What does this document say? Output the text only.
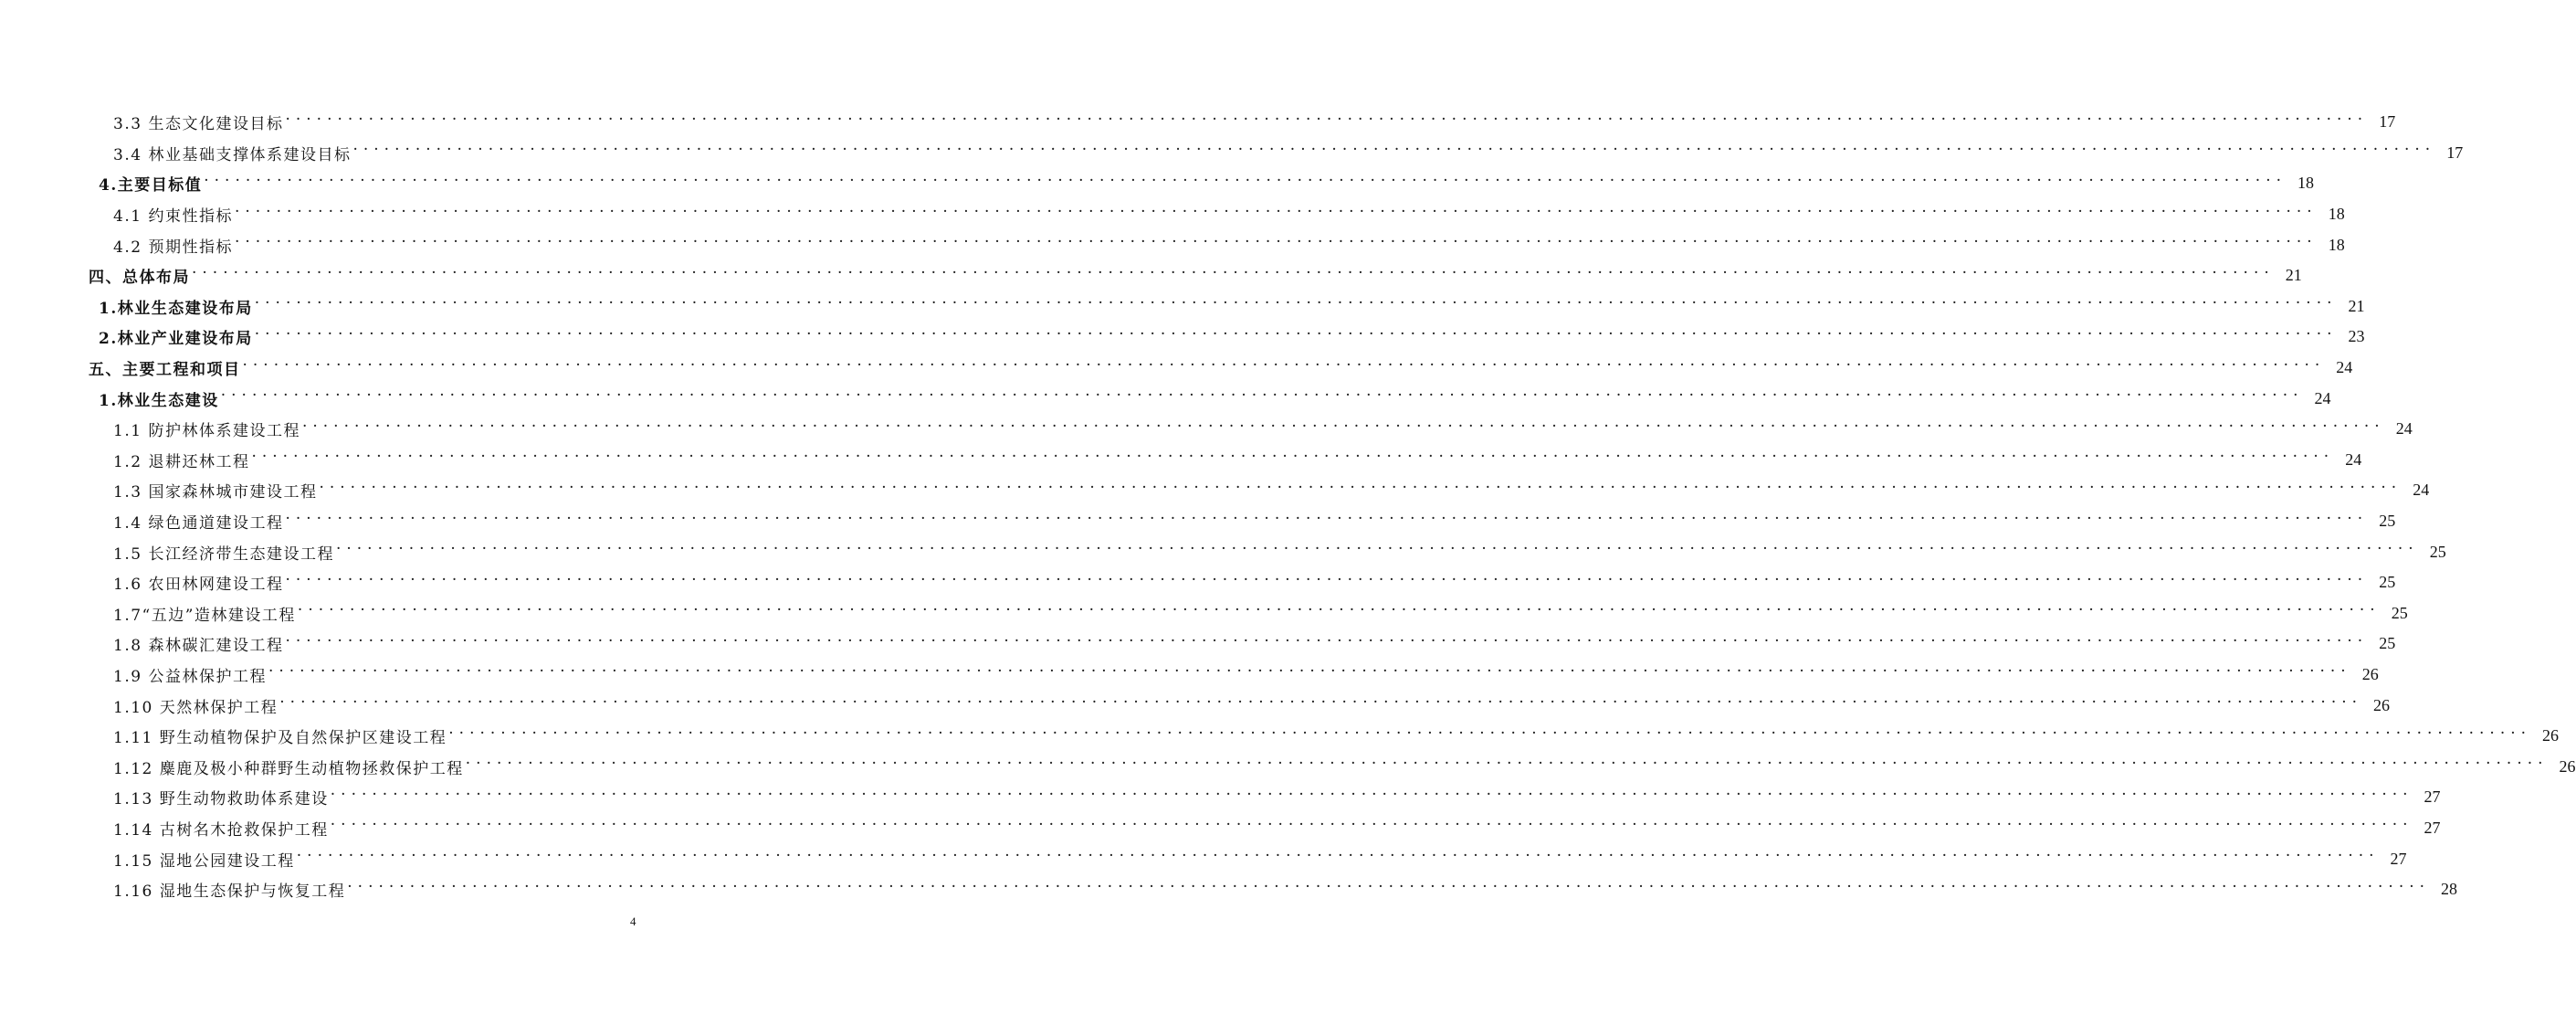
3.3 生态文化建设目标 ········································································································································································································ 17
3.4 林业基础支撑体系建设目标 ········································································································································································································ 17
4.主要目标值 ········································································································································································································ 18
4.1 约束性指标 ········································································································································································································ 18
4.2 预期性指标 ········································································································································································································ 18
四、总体布局 ········································································································································································································ 21
1.林业生态建设布局 ········································································································································································································ 21
2.林业产业建设布局 ········································································································································································································ 23
五、主要工程和项目 ········································································································································································································ 24
1.林业生态建设 ········································································································································································································ 24
1.1 防护林体系建设工程 ········································································································································································································ 24
1.2 退耕还林工程 ········································································································································································································ 24
1.3 国家森林城市建设工程 ········································································································································································································ 24
1.4 绿色通道建设工程 ········································································································································································································ 25
1.5 长江经济带生态建设工程 ········································································································································································································ 25
1.6 农田林网建设工程 ········································································································································································································ 25
1.7“五边”造林建设工程 ········································································································································································································ 25
1.8 森林碳汇建设工程 ········································································································································································································ 25
1.9 公益林保护工程 ········································································································································································································ 26
1.10 天然林保护工程 ········································································································································································································ 26
1.11 野生动植物保护及自然保护区建设工程 ········································································································································································································ 26
1.12 麋鹿及极小种群野生动植物拯救保护工程 ········································································································································································································ 26
1.13 野生动物救助体系建设 ········································································································································································································ 27
1.14 古树名木抢救保护工程 ········································································································································································································ 27
1.15 湿地公园建设工程 ········································································································································································································ 27
1.16 湿地生态保护与恢复工程 ········································································································································································································ 28
4
